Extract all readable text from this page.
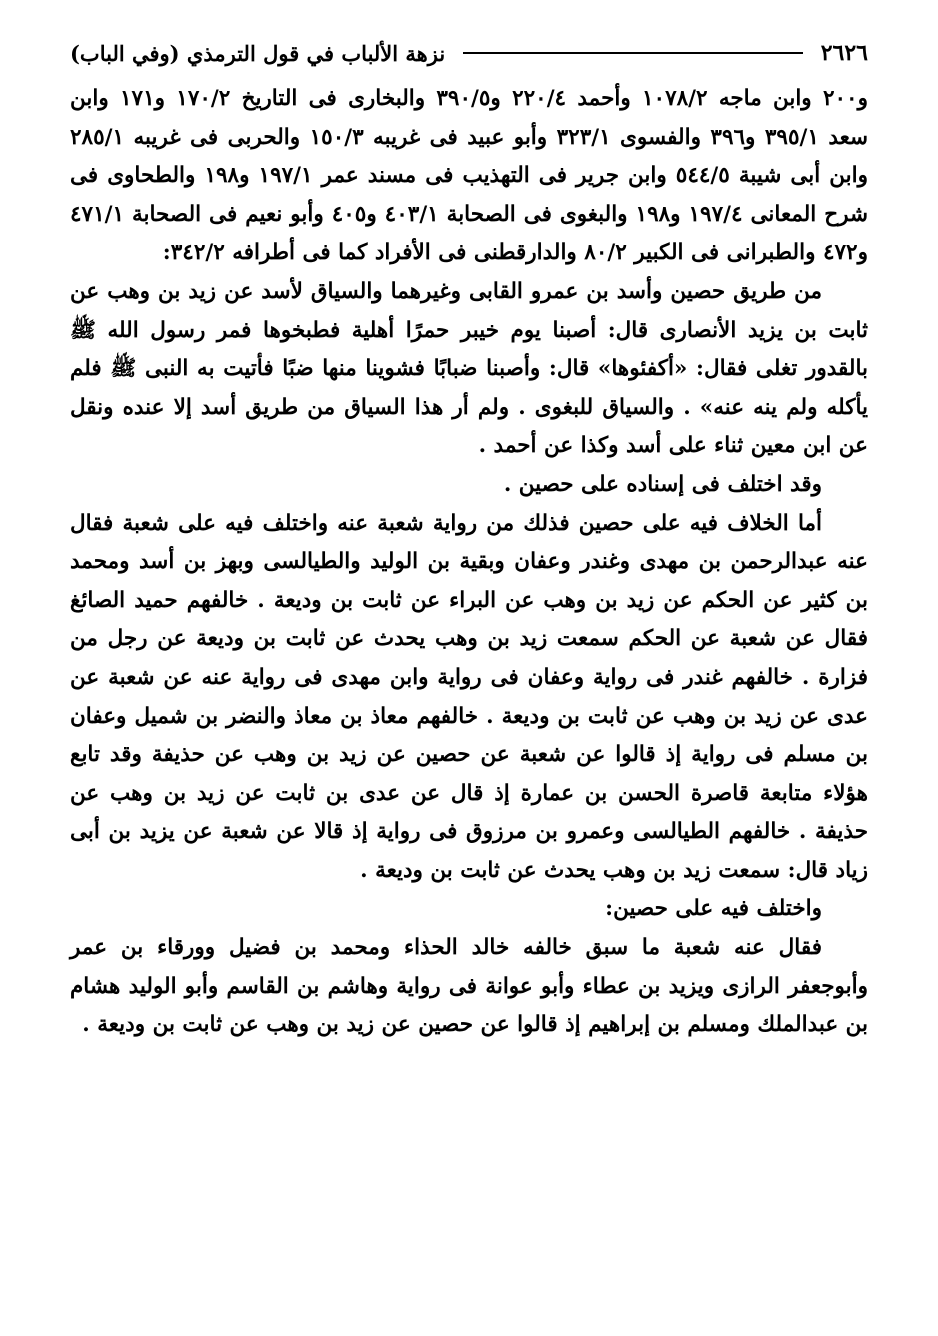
٢٦٢٦
نزهة الألباب في قول الترمذي (وفي الباب)

و٢٠٠ وابن ماجه ١٠٧٨/٢ وأحمد ٢٢٠/٤ و٣٩٠/٥ والبخارى فى التاريخ ١٧٠/٢ و١٧١ وابن سعد ٣٩٥/١ و٣٩٦ والفسوى ٣٢٣/١ وأبو عبيد فى غريبه ١٥٠/٣ والحربى فى غريبه ٢٨٥/١ وابن أبى شيبة ٥٤٤/٥ وابن جرير فى التهذيب فى مسند عمر ١٩٧/١ و١٩٨ والطحاوى فى شرح المعانى ١٩٧/٤ و١٩٨ والبغوى فى الصحابة ٤٠٣/١ و٤٠٥ وأبو نعيم فى الصحابة ٤٧١/١ و٤٧٢ والطبرانى فى الكبير ٨٠/٢ والدارقطنى فى الأفراد كما فى أطرافه ٣٤٢/٢:

من طريق حصين وأسد بن عمرو القابى وغيرهما والسياق لأسد عن زيد بن وهب عن ثابت بن يزيد الأنصارى قال: أصبنا يوم خيبر حمرًا أهلية فطبخوها فمر رسول الله ﷺ بالقدور تغلى فقال: «أكفئوها» قال: وأصبنا ضبابًا فشوينا منها ضبًا فأتيت به النبى ﷺ فلم يأكله ولم ينه عنه» . والسياق للبغوى . ولم أر هذا السياق من طريق أسد إلا عنده ونقل عن ابن معين ثناء على أسد وكذا عن أحمد .

وقد اختلف فى إسناده على حصين .

أما الخلاف فيه على حصين فذلك من رواية شعبة عنه واختلف فيه على شعبة فقال عنه عبدالرحمن بن مهدى وغندر وعفان وبقية بن الوليد والطيالسى وبهز بن أسد ومحمد بن كثير عن الحكم عن زيد بن وهب عن البراء عن ثابت بن وديعة . خالفهم حميد الصائغ فقال عن شعبة عن الحكم سمعت زيد بن وهب يحدث عن ثابت بن وديعة عن رجل من فزارة . خالفهم غندر فى رواية وعفان فى رواية وابن مهدى فى رواية عنه عن شعبة عن عدى عن زيد بن وهب عن ثابت بن وديعة . خالفهم معاذ بن معاذ والنضر بن شميل وعفان بن مسلم فى رواية إذ قالوا عن شعبة عن حصين عن زيد بن وهب عن حذيفة وقد تابع هؤلاء متابعة قاصرة الحسن بن عمارة إذ قال عن عدى بن ثابت عن زيد بن وهب عن حذيفة . خالفهم الطيالسى وعمرو بن مرزوق فى رواية إذ قالا عن شعبة عن يزيد بن أبى زياد قال: سمعت زيد بن وهب يحدث عن ثابت بن وديعة .

واختلف فيه على حصين:

فقال عنه شعبة ما سبق خالفه خالد الحذاء ومحمد بن فضيل وورقاء بن عمر وأبوجعفر الرازى ويزيد بن عطاء وأبو عوانة فى رواية وهاشم بن القاسم وأبو الوليد هشام بن عبدالملك ومسلم بن إبراهيم إذ قالوا عن حصين عن زيد بن وهب عن ثابت بن وديعة .
